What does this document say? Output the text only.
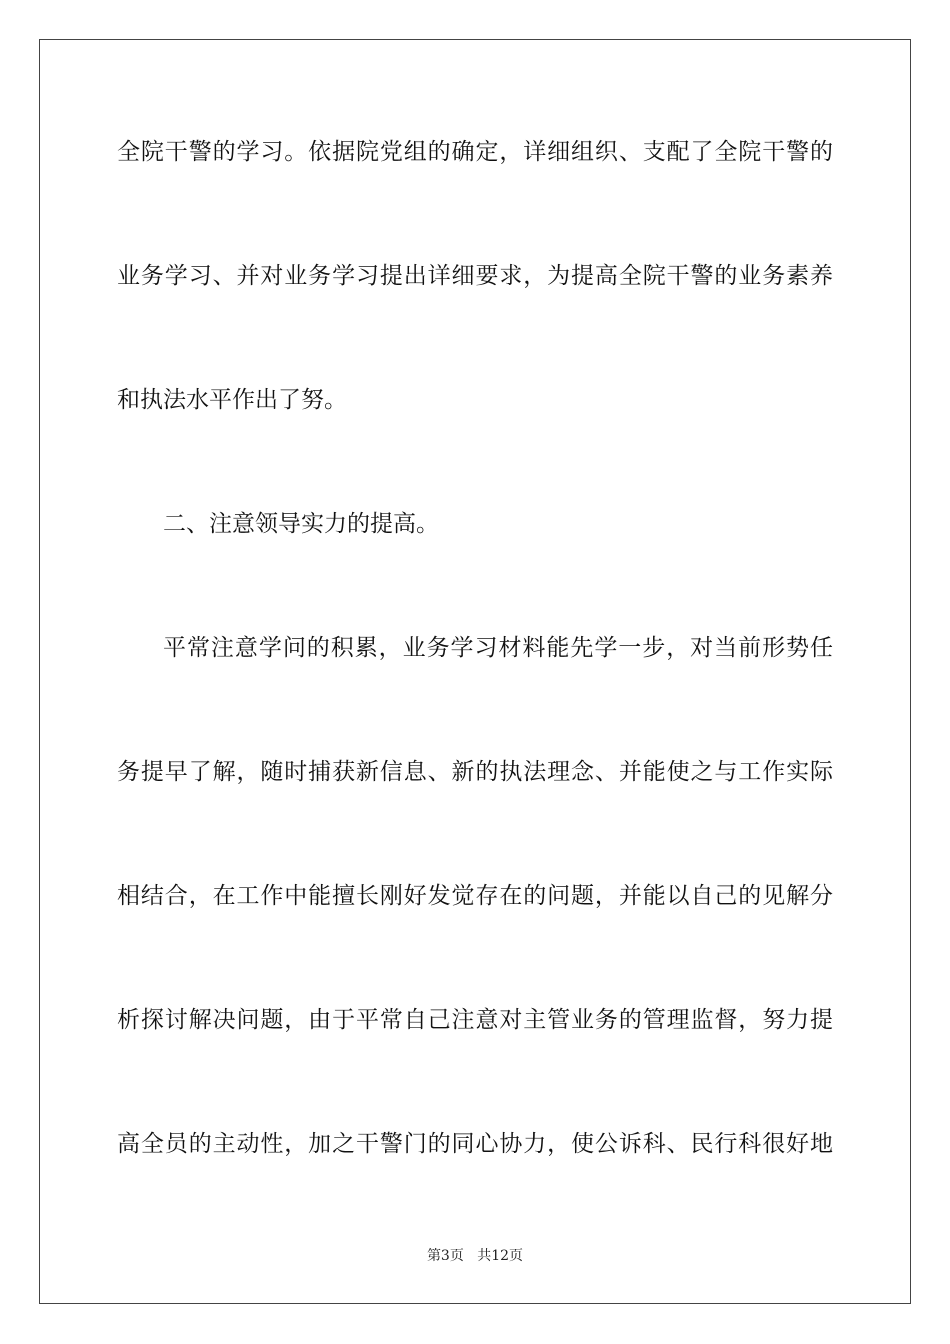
全院干警的学习。依据院党组的确定，详细组织、支配了全院干警的
业务学习、并对业务学习提出详细要求，为提高全院干警的业务素养
和执法水平作出了努。
二、注意领导实力的提高。
平常注意学问的积累，业务学习材料能先学一步，对当前形势任
务提早了解，随时捕获新信息、新的执法理念、并能使之与工作实际
相结合，在工作中能擅长刚好发觉存在的问题，并能以自己的见解分
析探讨解决问题，由于平常自己注意对主管业务的管理监督，努力提
高全员的主动性，加之干警门的同心协力，使公诉科、民行科很好地
第3页 共12页
